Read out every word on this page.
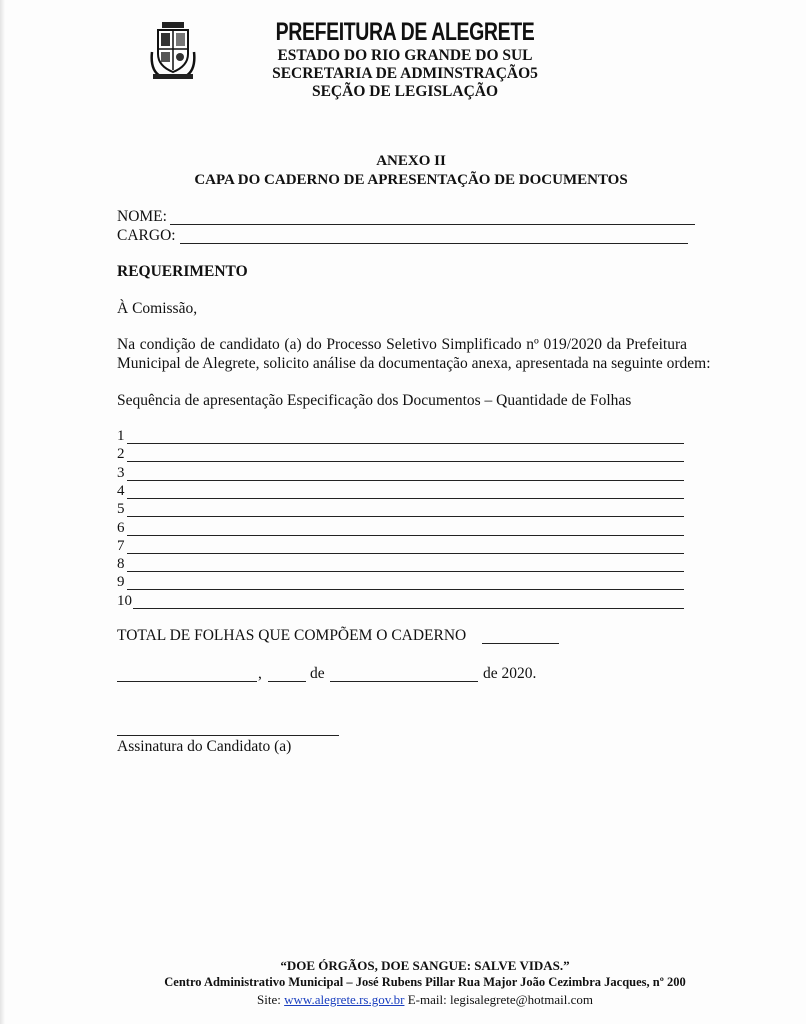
PREFEITURA DE ALEGRETE
ESTADO DO RIO GRANDE DO SUL
SECRETARIA DE ADMINSTRAÇÃO5
SEÇÃO DE LEGISLAÇÃO
ANEXO II
CAPA DO CADERNO DE APRESENTAÇÃO DE DOCUMENTOS
NOME:
CARGO:
REQUERIMENTO
À Comissão,
Na condição de candidato (a) do Processo Seletivo Simplificado nº 019/2020 da Prefeitura
Municipal de Alegrete, solicito análise da documentação anexa, apresentada na seguinte ordem:
Sequência de apresentação Especificação dos Documentos – Quantidade de Folhas
1
2
3
4
5
6
7
8
9
10
TOTAL DE FOLHAS QUE COMPÕEM O CADERNO
,	de	de 2020.
Assinatura do Candidato (a)
“DOE ÓRGÃOS, DOE SANGUE: SALVE VIDAS.”
Centro Administrativo Municipal – José Rubens Pillar Rua Major João Cezimbra Jacques, nº 200
Site: www.alegrete.rs.gov.br E-mail: legisalegrete@hotmail.com
